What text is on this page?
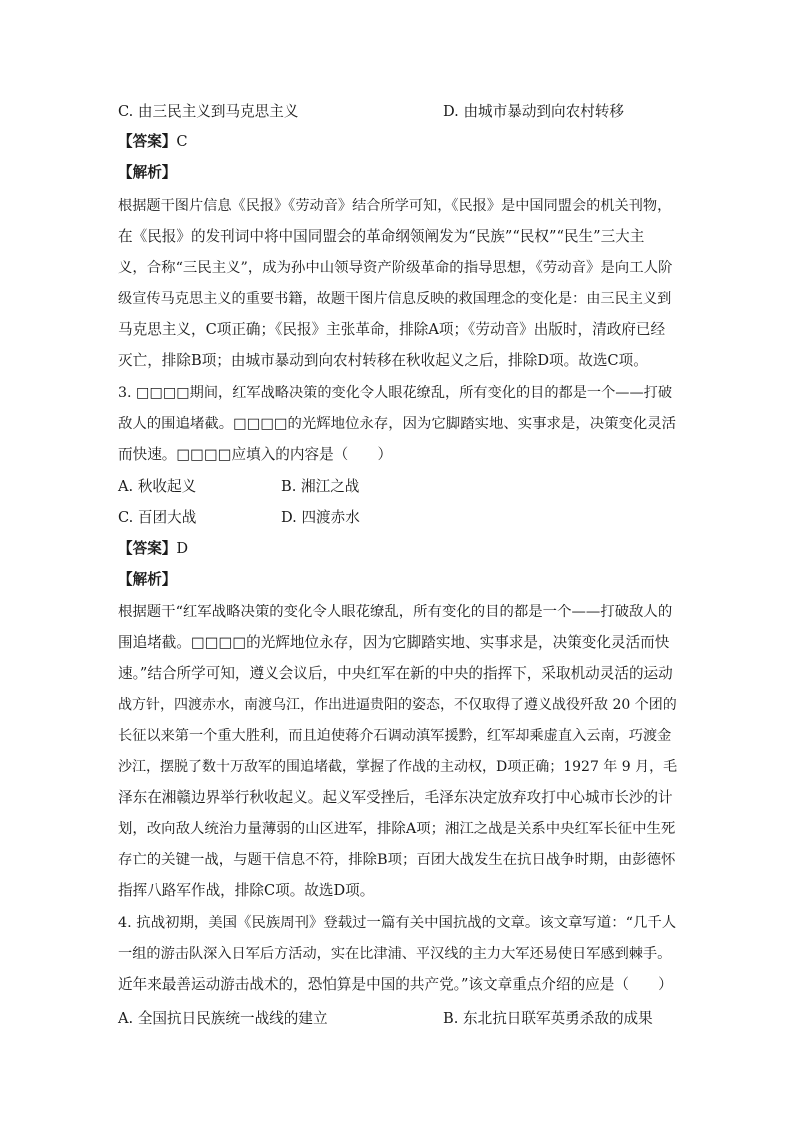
C. 由三民主义到马克思主义	D. 由城市暴动到向农村转移
【答案】C
【解析】
根据题干图片信息《民报》《劳动音》结合所学可知，《民报》是中国同盟会的机关刊物，
在《民报》的发刊词中将中国同盟会的革命纲领阐发为“民族”“民权”“民生”三大主
义，合称“三民主义”，成为孙中山领导资产阶级革命的指导思想，《劳动音》是向工人阶
级宣传马克思主义的重要书籍，故题干图片信息反映的救国理念的变化是：由三民主义到
马克思主义，C项正确；《民报》主张革命，排除A项；《劳动音》出版时，清政府已经
灭亡，排除B项；由城市暴动到向农村转移在秋收起义之后，排除D项。故选C项。
3. □□□□期间，红军战略决策的变化令人眼花缭乱，所有变化的目的都是一个——打破
敌人的围追堵截。□□□□的光辉地位永存，因为它脚踏实地、实事求是，决策变化灵活
而快速。□□□□应填入的内容是（　　）
A. 秋收起义	B. 湘江之战
C. 百团大战	D. 四渡赤水
【答案】D
【解析】
根据题干“红军战略决策的变化令人眼花缭乱，所有变化的目的都是一个——打破敌人的
围追堵截。□□□□的光辉地位永存，因为它脚踏实地、实事求是，决策变化灵活而快
速。”结合所学可知，遵义会议后，中央红军在新的中央的指挥下，采取机动灵活的运动
战方针，四渡赤水，南渡乌江，作出进逼贵阳的姿态，不仅取得了遵义战役歼敌 20 个团的
长征以来第一个重大胜利，而且迫使蒋介石调动滇军援黔，红军却乘虚直入云南，巧渡金
沙江，摆脱了数十万敌军的围追堵截，掌握了作战的主动权，D项正确；1927 年 9 月，毛
泽东在湘赣边界举行秋收起义。起义军受挫后，毛泽东决定放弃攻打中心城市长沙的计
划，改向敌人统治力量薄弱的山区进军，排除A项；湘江之战是关系中央红军长征中生死
存亡的关键一战，与题干信息不符，排除B项；百团大战发生在抗日战争时期，由彭德怀
指挥八路军作战，排除C项。故选D项。
4. 抗战初期，美国《民族周刊》登载过一篇有关中国抗战的文章。该文章写道：“几千人
一组的游击队深入日军后方活动，实在比津浦、平汉线的主力大军还易使日军感到棘手。
近年来最善运动游击战术的，恐怕算是中国的共产党。”该文章重点介绍的应是（　　）
A. 全国抗日民族统一战线的建立	B. 东北抗日联军英勇杀敌的成果
